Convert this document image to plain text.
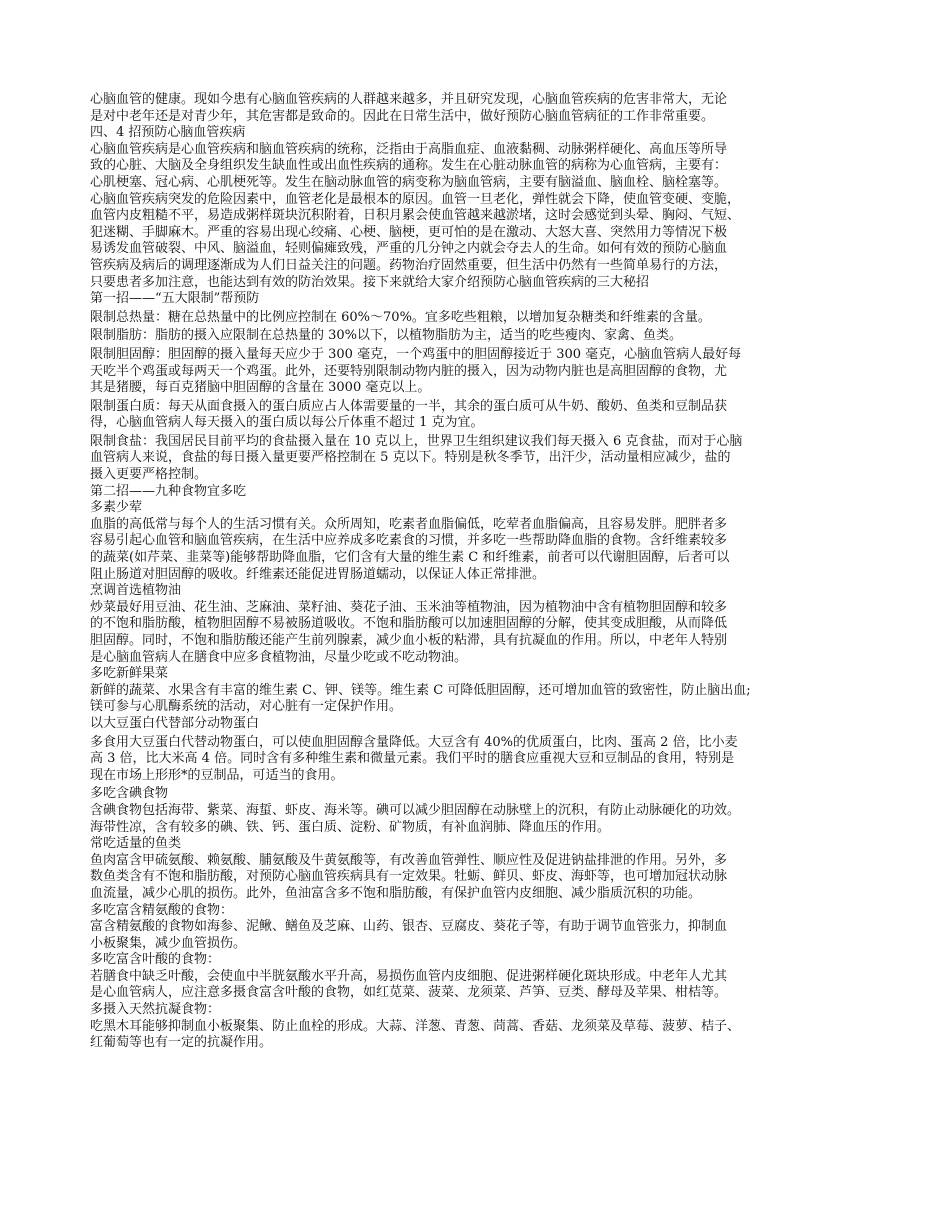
心脑血管的健康。现如今患有心脑血管疾病的人群越来越多，并且研究发现，心脑血管疾病的危害非常大，无论
是对中老年还是对青少年，其危害都是致命的。因此在日常生活中，做好预防心脑血管病征的工作非常重要。
四、4 招预防心脑血管疾病
心脑血管疾病是心血管疾病和脑血管疾病的统称，泛指由于高脂血症、血液黏稠、动脉粥样硬化、高血压等所导
致的心脏、大脑及全身组织发生缺血性或出血性疾病的通称。发生在心脏动脉血管的病称为心血管病，主要有：
心肌梗塞、冠心病、心肌梗死等。发生在脑动脉血管的病变称为脑血管病，主要有脑溢血、脑血栓、脑栓塞等。
心脑血管疾病突发的危险因素中，血管老化是最根本的原因。血管一旦老化，弹性就会下降，使血管变硬、变脆，
血管内皮粗糙不平，易造成粥样斑块沉积附着，日积月累会使血管越来越淤堵，这时会感觉到头晕、胸闷、气短、
犯迷糊、手脚麻木。严重的容易出现心绞痛、心梗、脑梗，更可怕的是在激动、大怒大喜、突然用力等情况下极
易诱发血管破裂、中风、脑溢血，轻则偏瘫致残，严重的几分钟之内就会夺去人的生命。如何有效的预防心脑血
管疾病及病后的调理逐渐成为人们日益关注的问题。药物治疗固然重要，但生活中仍然有一些简单易行的方法，
只要患者多加注意，也能达到有效的防治效果。接下来就给大家介绍预防心脑血管疾病的三大秘招
第一招——“五大限制”帮预防
限制总热量：糖在总热量中的比例应控制在 60%～70%。宜多吃些粗粮，以增加复杂糖类和纤维素的含量。
限制脂肪：脂肪的摄入应限制在总热量的 30%以下，以植物脂肪为主，适当的吃些瘦肉、家禽、鱼类。
限制胆固醇：胆固醇的摄入量每天应少于 300 毫克，一个鸡蛋中的胆固醇接近于 300 毫克，心脑血管病人最好每
天吃半个鸡蛋或每两天一个鸡蛋。此外，还要特别限制动物内脏的摄入，因为动物内脏也是高胆固醇的食物，尤
其是猪腰，每百克猪脑中胆固醇的含量在 3000 毫克以上。
限制蛋白质：每天从面食摄入的蛋白质应占人体需要量的一半，其余的蛋白质可从牛奶、酸奶、鱼类和豆制品获
得，心脑血管病人每天摄入的蛋白质以每公斤体重不超过 1 克为宜。
限制食盐：我国居民目前平均的食盐摄入量在 10 克以上，世界卫生组织建议我们每天摄入 6 克食盐，而对于心脑
血管病人来说，食盐的每日摄入量更要严格控制在 5 克以下。特别是秋冬季节，出汗少，活动量相应减少，盐的
摄入更要严格控制。
第二招——九种食物宜多吃
多素少荤
血脂的高低常与每个人的生活习惯有关。众所周知，吃素者血脂偏低，吃荤者血脂偏高，且容易发胖。肥胖者多
容易引起心血管和脑血管疾病，在生活中应养成多吃素食的习惯，并多吃一些帮助降血脂的食物。含纤维素较多
的蔬菜(如芹菜、韭菜等)能够帮助降血脂，它们含有大量的维生素 C 和纤维素，前者可以代谢胆固醇，后者可以
阻止肠道对胆固醇的吸收。纤维素还能促进胃肠道蠕动，以保证人体正常排泄。
烹调首选植物油
炒菜最好用豆油、花生油、芝麻油、菜籽油、葵花子油、玉米油等植物油，因为植物油中含有植物胆固醇和较多
的不饱和脂肪酸，植物胆固醇不易被肠道吸收。不饱和脂肪酸可以加速胆固醇的分解，使其变成胆酸，从而降低
胆固醇。同时，不饱和脂肪酸还能产生前列腺素，减少血小板的粘滞，具有抗凝血的作用。所以，中老年人特别
是心脑血管病人在膳食中应多食植物油，尽量少吃或不吃动物油。
多吃新鲜果菜
新鲜的蔬菜、水果含有丰富的维生素 C、钾、镁等。维生素 C 可降低胆固醇，还可增加血管的致密性，防止脑出血;
镁可参与心肌酶系统的活动，对心脏有一定保护作用。
以大豆蛋白代替部分动物蛋白
多食用大豆蛋白代替动物蛋白，可以使血胆固醇含量降低。大豆含有 40%的优质蛋白，比肉、蛋高 2 倍，比小麦
高 3 倍，比大米高 4 倍。同时含有多种维生素和微量元素。我们平时的膳食应重视大豆和豆制品的食用，特别是
现在市场上形形*的豆制品，可适当的食用。
多吃含碘食物
含碘食物包括海带、紫菜、海蜇、虾皮、海米等。碘可以减少胆固醇在动脉壁上的沉积，有防止动脉硬化的功效。
海带性凉，含有较多的碘、铁、钙、蛋白质、淀粉、矿物质，有补血润肺、降血压的作用。
常吃适量的鱼类
鱼肉富含甲硫氨酸、赖氨酸、脯氨酸及牛黄氨酸等，有改善血管弹性、顺应性及促进钠盐排泄的作用。另外，多
数鱼类含有不饱和脂肪酸，对预防心脑血管疾病具有一定效果。牡蛎、鲜贝、虾皮、海虾等，也可增加冠状动脉
血流量，减少心肌的损伤。此外，鱼油富含多不饱和脂肪酸，有保护血管内皮细胞、减少脂质沉积的功能。
多吃富含精氨酸的食物：
富含精氨酸的食物如海参、泥鳅、鳝鱼及芝麻、山药、银杏、豆腐皮、葵花子等，有助于调节血管张力，抑制血
小板聚集，减少血管损伤。
多吃富含叶酸的食物：
若膳食中缺乏叶酸，会使血中半胱氨酸水平升高，易损伤血管内皮细胞、促进粥样硬化斑块形成。中老年人尤其
是心血管病人，应注意多摄食富含叶酸的食物，如红苋菜、菠菜、龙须菜、芦笋、豆类、酵母及苹果、柑桔等。
多摄入天然抗凝食物：
吃黑木耳能够抑制血小板聚集、防止血栓的形成。大蒜、洋葱、青葱、茼蒿、香菇、龙须菜及草莓、菠萝、桔子、
红葡萄等也有一定的抗凝作用。
